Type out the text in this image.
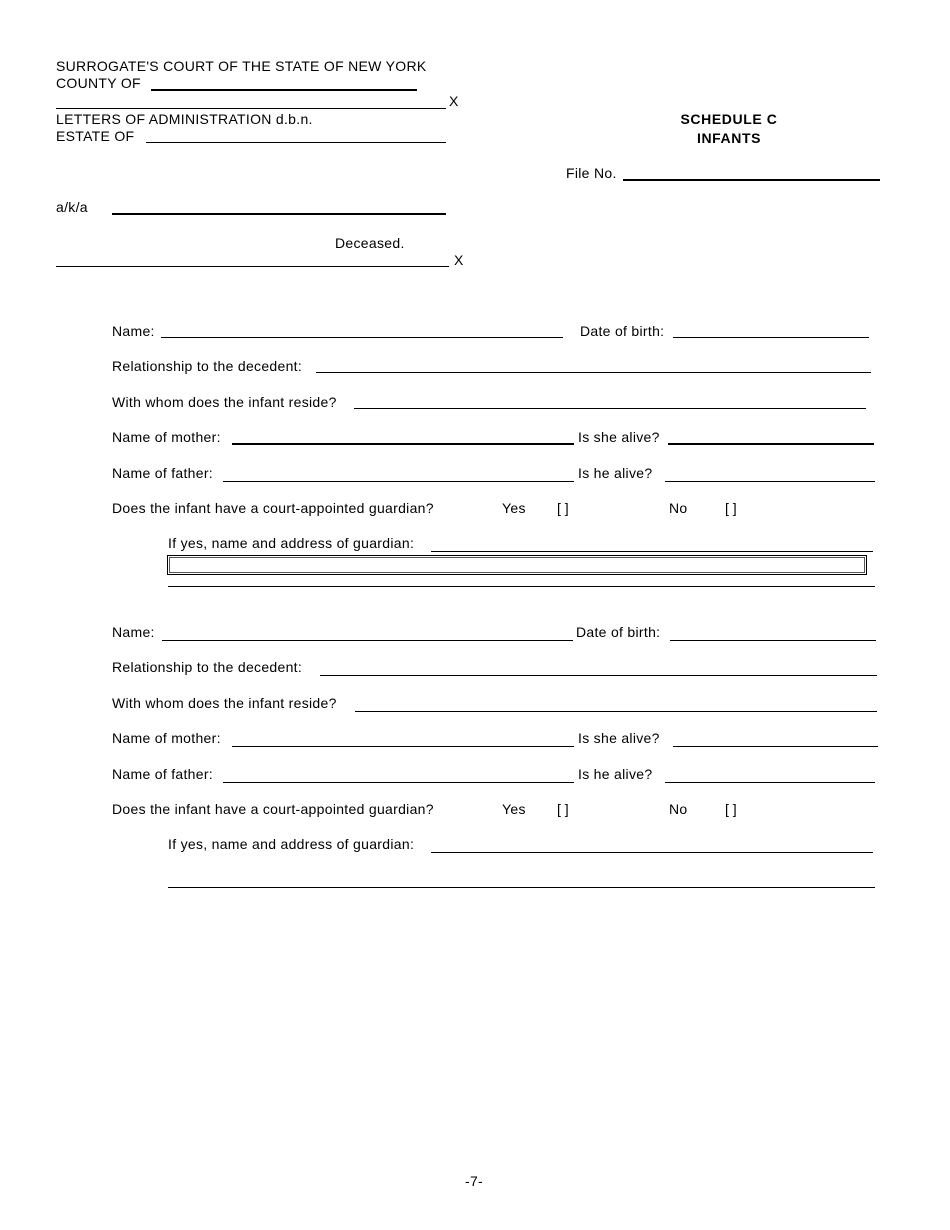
SURROGATE'S COURT OF THE STATE OF NEW YORK
COUNTY OF
X
LETTERS OF ADMINISTRATION d.b.n.
ESTATE OF
a/k/a
Deceased.
X
SCHEDULE C
INFANTS
File No.
Name:	Date of birth:
Relationship to the decedent:
With whom does the infant reside?
Name of mother:	Is she alive?
Name of father:	Is he alive?
Does the infant have a court-appointed guardian?	Yes [ ]	No	[ ]
If yes, name and address of guardian:
Name:	Date of birth:
Relationship to the decedent:
With whom does the infant reside?
Name of mother:	Is she alive?
Name of father:	Is he alive?
Does the infant have a court-appointed guardian?	Yes [ ]	No	[ ]
If yes, name and address of guardian:
-7-
